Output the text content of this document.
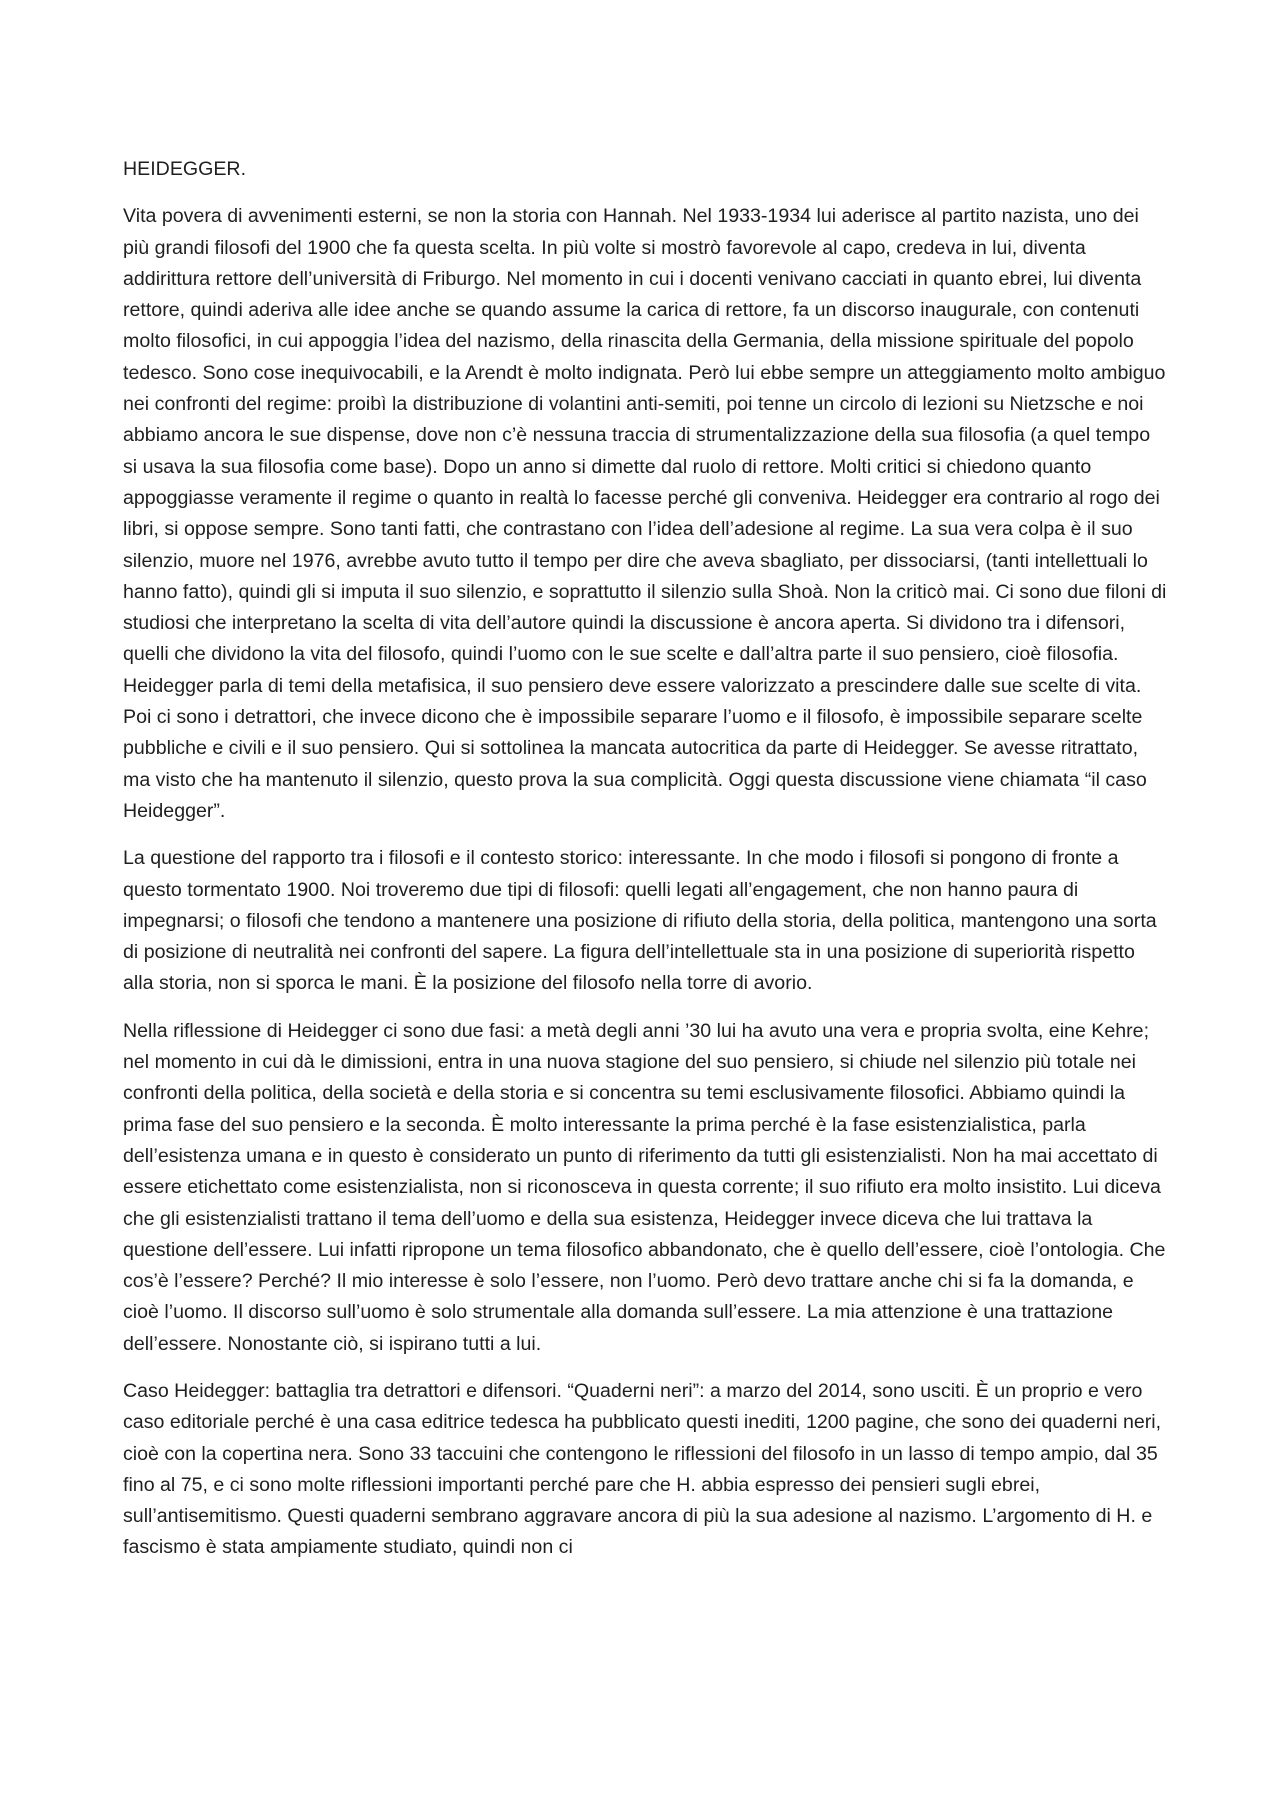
HEIDEGGER.

Vita povera di avvenimenti esterni, se non la storia con Hannah. Nel 1933-1934 lui aderisce al partito nazista, uno dei più grandi filosofi del 1900 che fa questa scelta. In più volte si mostrò favorevole al capo, credeva in lui, diventa addirittura rettore dell’università di Friburgo. Nel momento in cui i docenti venivano cacciati in quanto ebrei, lui diventa rettore, quindi aderiva alle idee anche se quando assume la carica di rettore, fa un discorso inaugurale, con contenuti molto filosofici, in cui appoggia l’idea del nazismo, della rinascita della Germania, della missione spirituale del popolo tedesco. Sono cose inequivocabili, e la Arendt è molto indignata. Però lui ebbe sempre un atteggiamento molto ambiguo nei confronti del regime: proibì la distribuzione di volantini anti-semiti, poi tenne un circolo di lezioni su Nietzsche e noi abbiamo ancora le sue dispense, dove non c’è nessuna traccia di strumentalizzazione della sua filosofia (a quel tempo si usava la sua filosofia come base). Dopo un anno si dimette dal ruolo di rettore. Molti critici si chiedono quanto appoggiasse veramente il regime o quanto in realtà lo facesse perché gli conveniva. Heidegger era contrario al rogo dei libri, si oppose sempre. Sono tanti fatti, che contrastano con l’idea dell’adesione al regime. La sua vera colpa è il suo silenzio, muore nel 1976, avrebbe avuto tutto il tempo per dire che aveva sbagliato, per dissociarsi, (tanti intellettuali lo hanno fatto), quindi gli si imputa il suo silenzio, e soprattutto il silenzio sulla Shoà. Non la criticò mai. Ci sono due filoni di studiosi che interpretano la scelta di vita dell’autore quindi la discussione è ancora aperta. Si dividono tra i difensori, quelli che dividono la vita del filosofo, quindi l’uomo con le sue scelte e dall’altra parte il suo pensiero, cioè filosofia. Heidegger parla di temi della metafisica, il suo pensiero deve essere valorizzato a prescindere dalle sue scelte di vita. Poi ci sono i detrattori, che invece dicono che è impossibile separare l’uomo e il filosofo, è impossibile separare scelte pubbliche e civili e il suo pensiero. Qui si sottolinea la mancata autocritica da parte di Heidegger. Se avesse ritrattato, ma visto che ha mantenuto il silenzio, questo prova la sua complicità. Oggi questa discussione viene chiamata “il caso Heidegger”.

La questione del rapporto tra i filosofi e il contesto storico: interessante. In che modo i filosofi si pongono di fronte a questo tormentato 1900. Noi troveremo due tipi di filosofi: quelli legati all’engagement, che non hanno paura di impegnarsi; o filosofi che tendono a mantenere una posizione di rifiuto della storia, della politica, mantengono una sorta di posizione di neutralità nei confronti del sapere. La figura dell’intellettuale sta in una posizione di superiorità rispetto alla storia, non si sporca le mani. È la posizione del filosofo nella torre di avorio.

Nella riflessione di Heidegger ci sono due fasi: a metà degli anni ’30 lui ha avuto una vera e propria svolta, eine Kehre; nel momento in cui dà le dimissioni, entra in una nuova stagione del suo pensiero, si chiude nel silenzio più totale nei confronti della politica, della società e della storia e si concentra su temi esclusivamente filosofici. Abbiamo quindi la prima fase del suo pensiero e la seconda. È molto interessante la prima perché è la fase esistenzialistica, parla dell’esistenza umana e in questo è considerato un punto di riferimento da tutti gli esistenzialisti. Non ha mai accettato di essere etichettato come esistenzialista, non si riconosceva in questa corrente; il suo rifiuto era molto insistito. Lui diceva che gli esistenzialisti trattano il tema dell’uomo e della sua esistenza, Heidegger invece diceva che lui trattava la questione dell’essere. Lui infatti ripropone un tema filosofico abbandonato, che è quello dell’essere, cioè l’ontologia. Che cos’è l’essere? Perché? Il mio interesse è solo l’essere, non l’uomo. Però devo trattare anche chi si fa la domanda, e cioè l’uomo. Il discorso sull’uomo è solo strumentale alla domanda sull’essere. La mia attenzione è una trattazione dell’essere. Nonostante ciò, si ispirano tutti a lui.

Caso Heidegger: battaglia tra detrattori e difensori. “Quaderni neri”: a marzo del 2014, sono usciti. È un proprio e vero caso editoriale perché è una casa editrice tedesca ha pubblicato questi inediti, 1200 pagine, che sono dei quaderni neri, cioè con la copertina nera. Sono 33 taccuini che contengono le riflessioni del filosofo in un lasso di tempo ampio, dal 35 fino al 75, e ci sono molte riflessioni importanti perché pare che H. abbia espresso dei pensieri sugli ebrei, sull’antisemitismo. Questi quaderni sembrano aggravare ancora di più la sua adesione al nazismo. L’argomento di H. e fascismo è stata ampiamente studiato, quindi non ci
